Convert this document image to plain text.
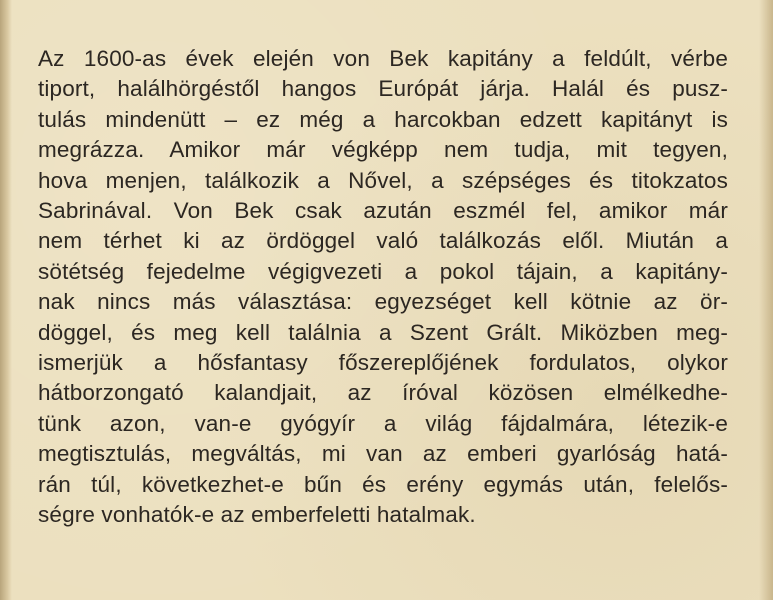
Az 1600-as évek elején von Bek kapitány a feldúlt, vérbe
tiport, halálhörgéstől hangos Európát járja. Halál és pusz-
tulás mindenütt – ez még a harcokban edzett kapitányt is
megrázza. Amikor már végképp nem tudja, mit tegyen,
hova menjen, találkozik a Nővel, a szépséges és titokzatos
Sabrinával. Von Bek csak azután eszmél fel, amikor már
nem térhet ki az ördöggel való találkozás elől. Miután a
sötétség fejedelme végigvezeti a pokol tájain, a kapitány-
nak nincs más választása: egyezséget kell kötnie az ör-
döggel, és meg kell találnia a Szent Grált. Miközben meg-
ismerjük a hősfantasy főszereplőjének fordulatos, olykor
hátborzongató kalandjait, az íróval közösen elmélkedhe-
tünk azon, van-e gyógyír a világ fájdalmára, létezik-e
megtisztulás, megváltás, mi van az emberi gyarlóság hatá-
rán túl, következhet-e bűn és erény egymás után, felelős-
ségre vonhatók-e az emberfeletti hatalmak.
